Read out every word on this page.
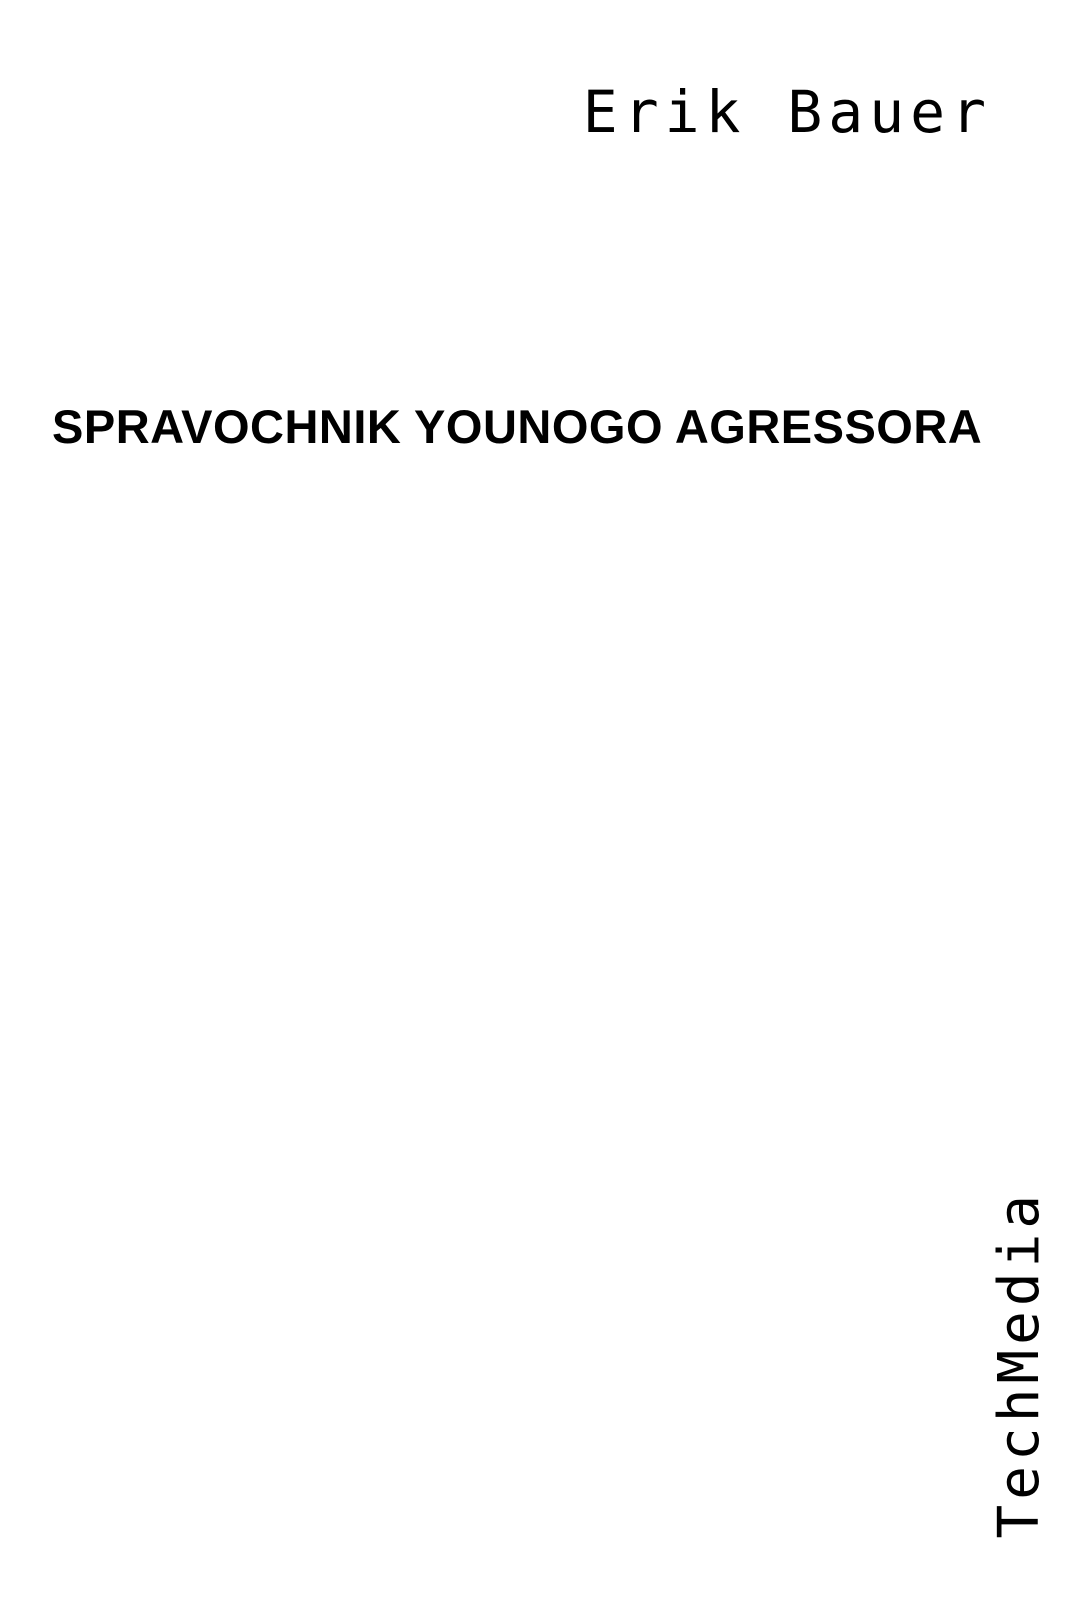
Erik Bauer
SPRAVOCHNIK YOUNOGO AGRESSORA
TechMedia
